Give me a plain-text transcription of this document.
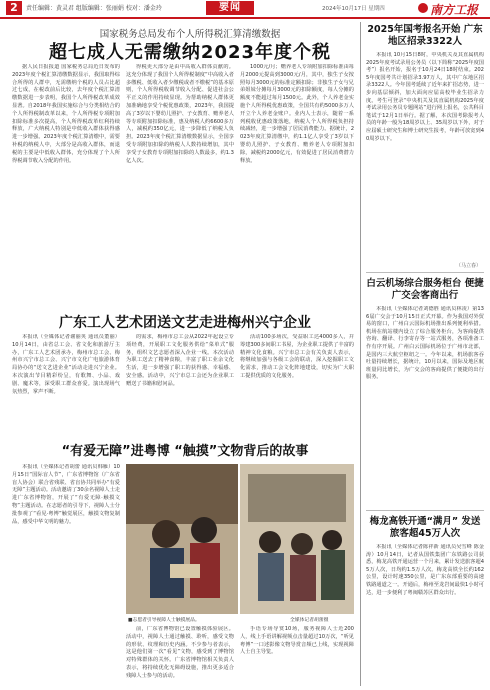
2	责任编辑：黄灵君 组版编辑：张丽娟 校对：潘金玲	要闻	2024年10月17日 星期四	南方工报
国家税务总局发布个人所得税汇算清缴数据
超七成人无需缴纳2023年度个税

据人民日报报道 国家税务总局近日发布的2023年度个税汇算清缴数据显示，我国取得综合所得的人群中，无需缴纳个税的人员占比超过七成，在税改前后比较，去年度个税汇算清缴数据进一步表明，我国个人所得税改革成效显著。自2018年我国实施综合与分类相结合的个人所得税制改革以来，个人所得税专项附加扣除标准多次提高，个人所得税改革红利持续释放，广大纳税人特别是中低收入群体获得感进一步增强。2023年度个税汇算清缴中，需要补税的纳税人中，大部分是高收入群体，而退税的主要是中低收入群体，充分体现了个人所得税调节收入分配的作用。

得税更大部分是由中高收入群体贡献的。这充分体现了我国个人所得税制度“中高收入者多缴税、低收入者少缴税或者不缴税”的基本原则，个人所得税收调节收入分配、促进社会公平正义的作用持续显现。为帮助纳税人群体更加准确地享受个税优惠政策，2023年，我国提高了3岁以下婴幼儿照护、子女教育、赡养老人等专项附加扣除标准，惠及纳税人约6600多万人，减税约350亿元，进一步降低了纳税人负担。2023年度个税汇算清缴数据显示，全国享受专项附加扣除的纳税人人数持续增加，其中享受子女教育专项附加扣除的人数最多，约1.3亿人次。

1000元/月；赡养老人专项附加扣除标准由每月2000元提高到3000元/月，其中，独生子女按照每月3000元的标准定额扣除；非独生子女与兄弟姐妹分摊每月3000元的扣除额度，每人分摊的额度不能超过每月1500元。此外，个人养老金实施个人所得税优惠政策，全国共有约5000多万人开立个人养老金账户。业内人士表示，随着一系列税收优惠政策落地，纳税人个人所得税负担持续减轻，进一步增强了居民消费能力。据统计，2023年度汇算清缴中，约1.1亿人享受了3岁以下婴幼儿照护、子女教育、赡养老人专项附加扣除，减税约2000亿元，有效促进了居民消费潜力释放。

广东工人艺术团送文艺走进梅州兴宁企业

本报讯（全媒体记者谢丽英 通讯员董丽）10月14日，由省总工会、省文化和旅游厅主办，广东工人艺术团承办，梅州市总工会、梅州市兴宁市总工会、兴宁市文化广电旅游体育局协办的“送文艺进企业”活动走进兴宁企业。本次演出节目精彩纷呈，有歌舞、小品、戏剧、魔术等，深受职工群众喜爱。演出现场气氛热烈，掌声不断。

的需求，梅州市总工会从2022年起设立专项经费，开展职工文化服务供给“菜单式”服务，组织文艺志愿者深入企业一线。本次活动为职工送去了精神食粮，丰富了职工业余文化生活，进一步增强了职工的获得感、幸福感、安全感。活动中，兴宁市总工会还为企业职工赠送了书籍和慰问品。

活动100多场次，受益职工达4000多人，并筹建300多间职工书屋，为企业职工提供了丰富的精神文化食粮。兴宁市总工会有关负责人表示，将继续加强与各级工会的联动，深入挖掘职工文化需求，推动工会文化阵地建设，切实为广大职工提供优质的文化服务。

“有爱无障”进粤博 “触摸”文物背后的故事

本报讯（全媒体记者胡蕾 通讯员韩雁）10月15日“国际盲人节”，广东省博物馆（广东省盲人协会）联合省残联、省盲协共同举办“有爱无障”主题活动。活动邀请了30余名视障人士走进广东省博物馆，开展了“有爱无障·触摸文物”主题活动。在志愿者的引导下，视障人士分批参观了“看见·粤博”触觉展区，触摸文物复制品，感受中华文明的魅力。

■志愿者引导视障人士触摸展品。	全媒体记者胡蕾摄

前，广东省博物馆已设置触摸体验展区。活动中，视障人士通过触摸、聆听，感受文物的形状、纹理和历史内涵。不少参与者表示，这是他们第一次“看见”文物，感受到了博物馆对特殊群体的关怀。广东省博物馆相关负责人表示，将持续优化无障碍设施，推出更多适合残障人士参与的活动。

手语专场导赏10场，服务视障人士近200人，线上手语讲解视频点击量超过10万次，“听见粤博”一口述影像文物导赏音频已上线，实现视障人士自主导览。

2025年国考报名开始 广东地区招录3322人

本报讯 10月15日8时，中央机关及其直属机构2025年度考试录用公务员（以下简称“2025年度国考”）报名开始，报名于10月24日18时结束。2025年度国考共计划招录3.97万人，其中广东地区招录3322人。今年国考延续了近年来扩招态势，进一步向基层倾斜，加大面向应届高校毕业生招录力度。考生可登录“中央机关及其直属机构2025年度考试录用公务员专题网站”进行网上报名，公共科目笔试于12月1日举行。据了解，本次国考除报考人员的年龄一般为18周岁以上、35周岁以下外，对于应届硕士研究生和博士研究生报考，年龄可放宽到40周岁以下。

（马立春）
白云机场综合服务柜台 便捷广交会客商出行

本报讯（全媒体记者刘德胜 通讯员林凌）第136届广交会于10月15日正式开幕。作为我国对外贸易的窗口，广州白云国际机场推出系列便利举措。机场在航站楼内设立了综合服务柜台，为客商提供咨询、翻译、行李寄存等一站式服务，各项准备工作有序开展。广州白云国际机场位于广州市北部，是国内三大航空枢纽之一。今年以来，机场旅客吞吐量持续增长，据统计，10月以来，国际及地区航班量同比增长，为广交会的客商提供了便捷的出行服务。

梅龙高铁开通“满月” 发送旅客超45万人次

本报讯（全媒体记者陈祥新 通讯员吴雪峰 陈金涛）10月14日，记者从国铁集团广东铁路公司获悉，梅龙高铁开通运营一个月来，累计发送旅客超45万人次，日均约1.5万人次。梅龙高铁全长约162公里，设计时速350公里，是广东东部重要的高速铁路通道之一。开通后，梅州至龙岩间最快1小时可达，进一步便利了粤闽赣苏区群众出行。
